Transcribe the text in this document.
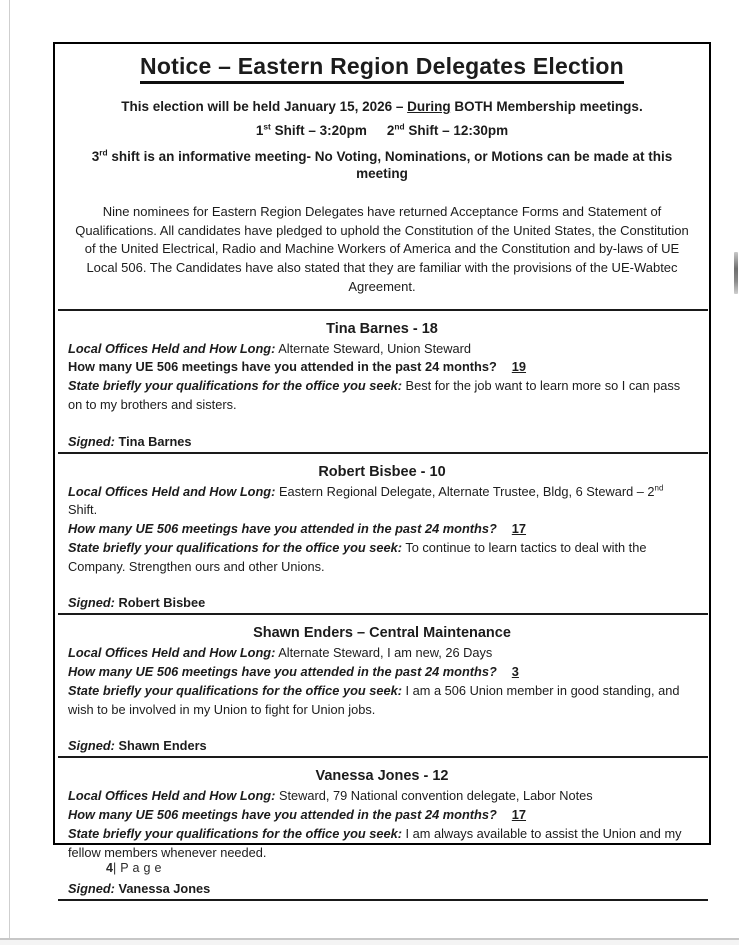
Notice – Eastern Region Delegates Election

This election will be held January 15, 2026 – During BOTH Membership meetings.

1st Shift – 3:20pm 2nd Shift – 12:30pm

3rd shift is an informative meeting- No Voting, Nominations, or Motions can be made at this meeting

Nine nominees for Eastern Region Delegates have returned Acceptance Forms and Statement of Qualifications. All candidates have pledged to uphold the Constitution of the United States, the Constitution of the United Electrical, Radio and Machine Workers of America and the Constitution and by-laws of UE Local 506. The Candidates have also stated that they are familiar with the provisions of the UE-Wabtec Agreement.

Tina Barnes - 18

Local Offices Held and How Long: Alternate Steward, Union Steward

How many UE 506 meetings have you attended in the past 24 months? 19

State briefly your qualifications for the office you seek: Best for the job want to learn more so I can pass on to my brothers and sisters.

Signed: Tina Barnes

Robert Bisbee - 10

Local Offices Held and How Long: Eastern Regional Delegate, Alternate Trustee, Bldg, 6 Steward – 2nd Shift.

How many UE 506 meetings have you attended in the past 24 months? 17

State briefly your qualifications for the office you seek: To continue to learn tactics to deal with the Company. Strengthen ours and other Unions.

Signed: Robert Bisbee

Shawn Enders – Central Maintenance

Local Offices Held and How Long: Alternate Steward, I am new, 26 Days

How many UE 506 meetings have you attended in the past 24 months? 3

State briefly your qualifications for the office you seek: I am a 506 Union member in good standing, and wish to be involved in my Union to fight for Union jobs.

Signed: Shawn Enders

Vanessa Jones - 12

Local Offices Held and How Long: Steward, 79 National convention delegate, Labor Notes

How many UE 506 meetings have you attended in the past 24 months? 17

State briefly your qualifications for the office you seek: I am always available to assist the Union and my fellow members whenever needed.

Signed: Vanessa Jones

4|Page
